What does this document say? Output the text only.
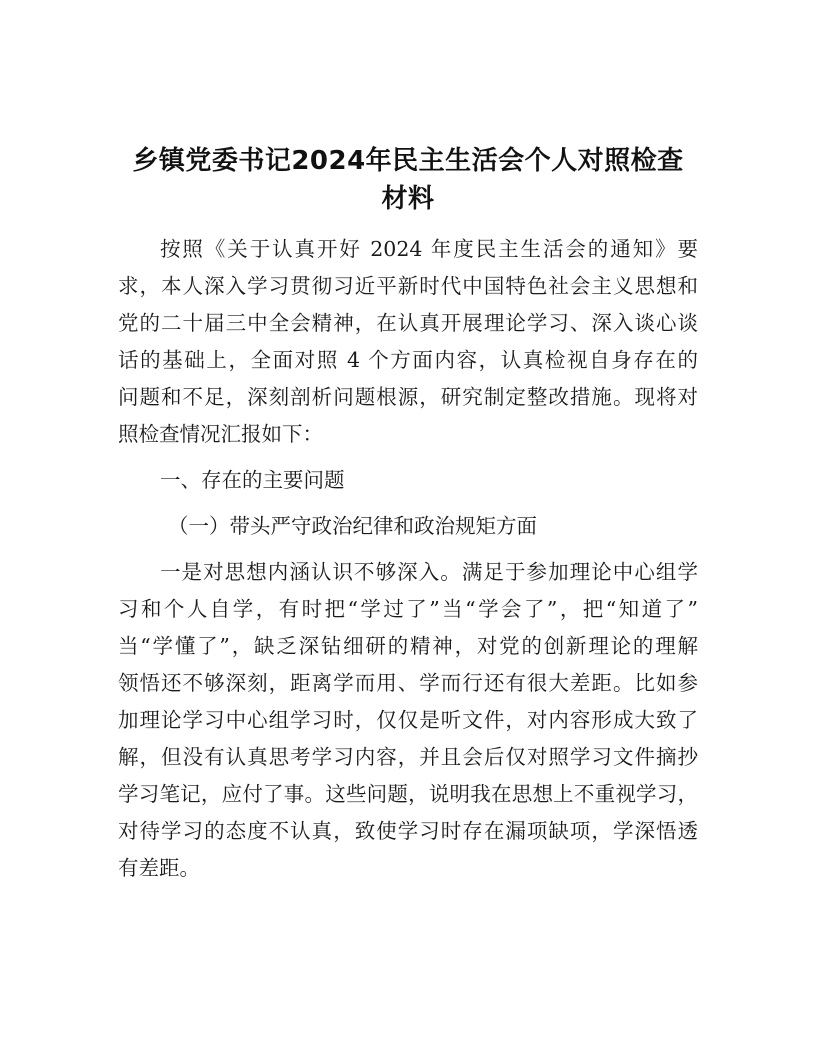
乡镇党委书记2024年民主生活会个人对照检查
材料
按照《关于认真开好 2024 年度民主生活会的通知》要
求，本人深入学习贯彻习近平新时代中国特色社会主义思想和
党的二十届三中全会精神，在认真开展理论学习、深入谈心谈
话的基础上，全面对照 4 个方面内容，认真检视自身存在的
问题和不足，深刻剖析问题根源，研究制定整改措施。现将对
照检查情况汇报如下：
一、存在的主要问题
（一）带头严守政治纪律和政治规矩方面
一是对思想内涵认识不够深入。满足于参加理论中心组学
习和个人自学，有时把“学过了”当“学会了”，把“知道了”
当“学懂了”，缺乏深钻细研的精神，对党的创新理论的理解
领悟还不够深刻，距离学而用、学而行还有很大差距。比如参
加理论学习中心组学习时，仅仅是听文件，对内容形成大致了
解，但没有认真思考学习内容，并且会后仅对照学习文件摘抄
学习笔记，应付了事。这些问题，说明我在思想上不重视学习，
对待学习的态度不认真，致使学习时存在漏项缺项，学深悟透
有差距。
